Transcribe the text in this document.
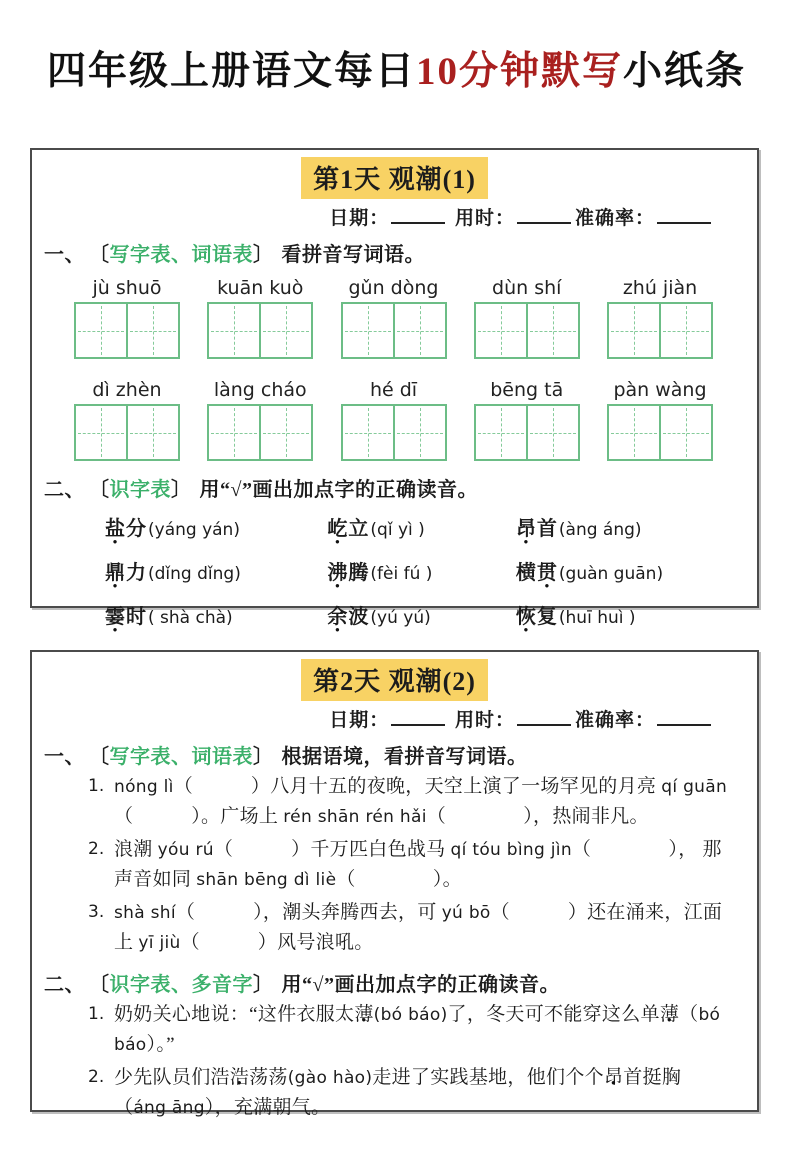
四年级上册语文每日10分钟默写小纸条
第1天 观潮(1)
日期：	用时：	准确率：
一、 〔写字表、词语表〕 看拼音写词语。
jù shuō	kuān kuò	gǔn dòng	dùn shí	zhú jiàn
dì zhèn	làng cháo	hé dī	bēng tā	pàn wàng
二、 〔识字表〕 用“√”画出加点字的正确读音。
盐 ●分(yáng yán)	屹 ●立(qǐ yì )	昂 ●首(àng áng)
鼎 ●力(dǐng dǐng)	沸 ●腾(fèi fú )	横贯 ●(guàn guān)
霎 ●时( shà chà)	余 ●波(yú yú)	恢 ●复(huī huì )
第2天 观潮(2)
日期：	用时：	准确率：
一、 〔写字表、词语表〕 根据语境，看拼音写词语。
1. nóng lì（　　　）八月十五的夜晚，天空上演了一场罕见的月亮 qí guān（　　　）。广场上 rén shān rén hǎi（　　　　），热闹非凡。
2. 浪潮 yóu rú（　　　）千万匹白色战马 qí tóu bìng jìn（　　　　）， 那声音如同 shān bēng dì liè（　　　　）。
3. shà shí（　　　），潮头奔腾西去，可 yú bō（　　　）还在涌来，江面上 yī jiù（　　　）风号浪吼。
二、 〔识字表、多音字〕 用“√”画出加点字的正确读音。
1. 奶奶关心地说：“这件衣服太薄 ●(bó báo)了，冬天可不能穿这么单薄 ●（bó báo）。”
2. 少先队员们浩浩 ●荡荡(gào hào)走进了实践基地，他们个个昂 ●首挺胸（áng āng），充满朝气。
